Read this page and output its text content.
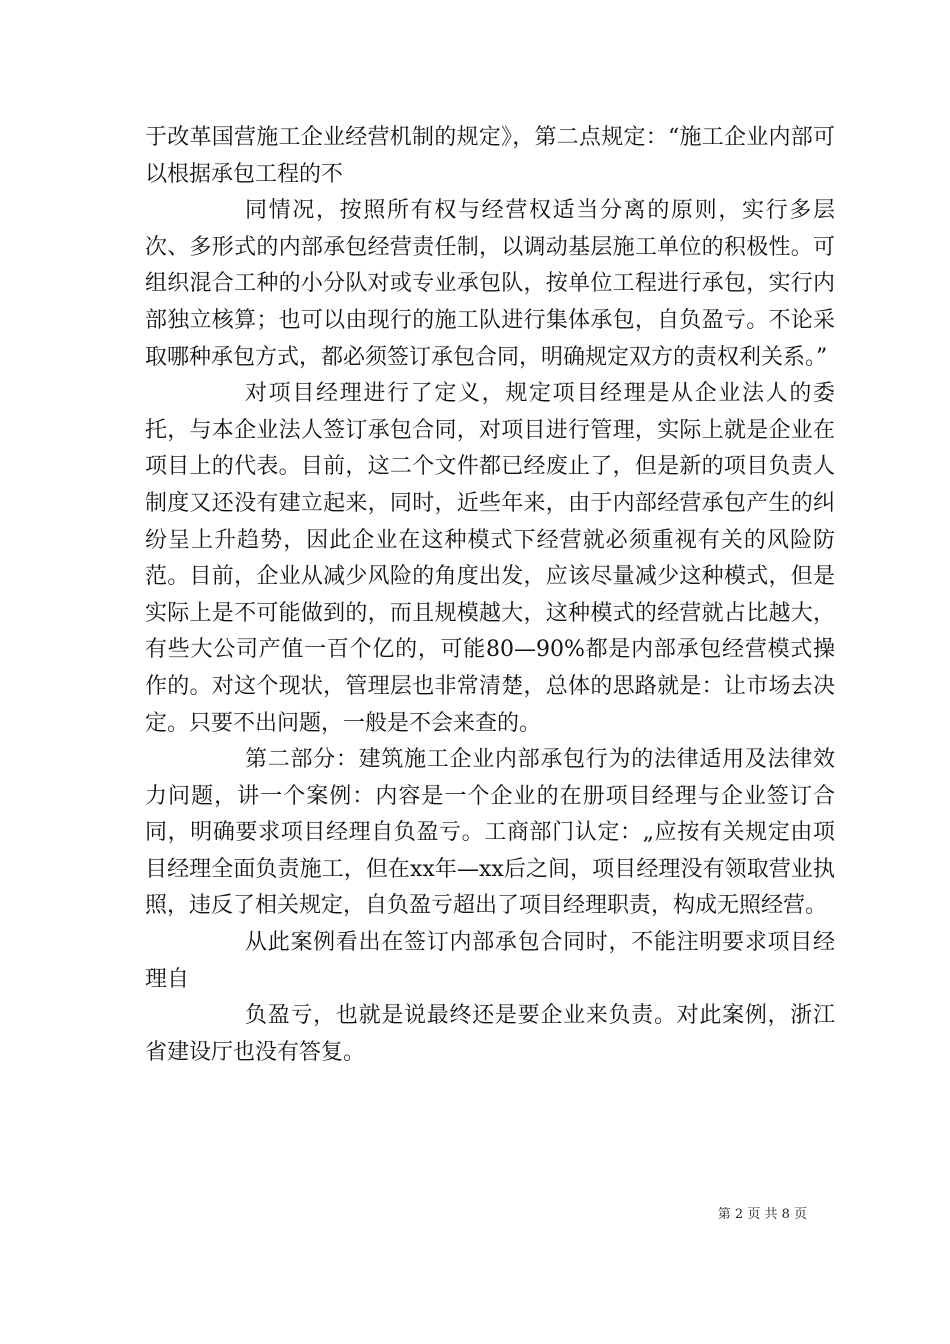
于改革国营施工企业经营机制的规定》，第二点规定：“施工企业内部可以根据承包工程的不

同情况，按照所有权与经营权适当分离的原则，实行多层次、多形式的内部承包经营责任制，以调动基层施工单位的积极性。可组织混合工种的小分队对或专业承包队，按单位工程进行承包，实行内部独立核算；也可以由现行的施工队进行集体承包，自负盈亏。不论采取哪种承包方式，都必须签订承包合同，明确规定双方的责权利关系。”

对项目经理进行了定义，规定项目经理是从企业法人的委托，与本企业法人签订承包合同，对项目进行管理，实际上就是企业在项目上的代表。目前，这二个文件都已经废止了，但是新的项目负责人制度又还没有建立起来，同时，近些年来，由于内部经营承包产生的纠纷呈上升趋势，因此企业在这种模式下经营就必须重视有关的风险防范。目前，企业从减少风险的角度出发，应该尽量减少这种模式，但是实际上是不可能做到的，而且规模越大，这种模式的经营就占比越大，有些大公司产值一百个亿的，可能80—90%都是内部承包经营模式操作的。对这个现状，管理层也非常清楚，总体的思路就是：让市场去决定。只要不出问题，一般是不会来查的。

第二部分：建筑施工企业内部承包行为的法律适用及法律效力问题，讲一个案例：内容是一个企业的在册项目经理与企业签订合同，明确要求项目经理自负盈亏。工商部门认定：„应按有关规定由项目经理全面负责施工，但在xx年—xx后之间，项目经理没有领取营业执照，违反了相关规定，自负盈亏超出了项目经理职责，构成无照经营。

从此案例看出在签订内部承包合同时，不能注明要求项目经理自

负盈亏，也就是说最终还是要企业来负责。对此案例，浙江省建设厅也没有答复。

第 2 页 共 8 页
